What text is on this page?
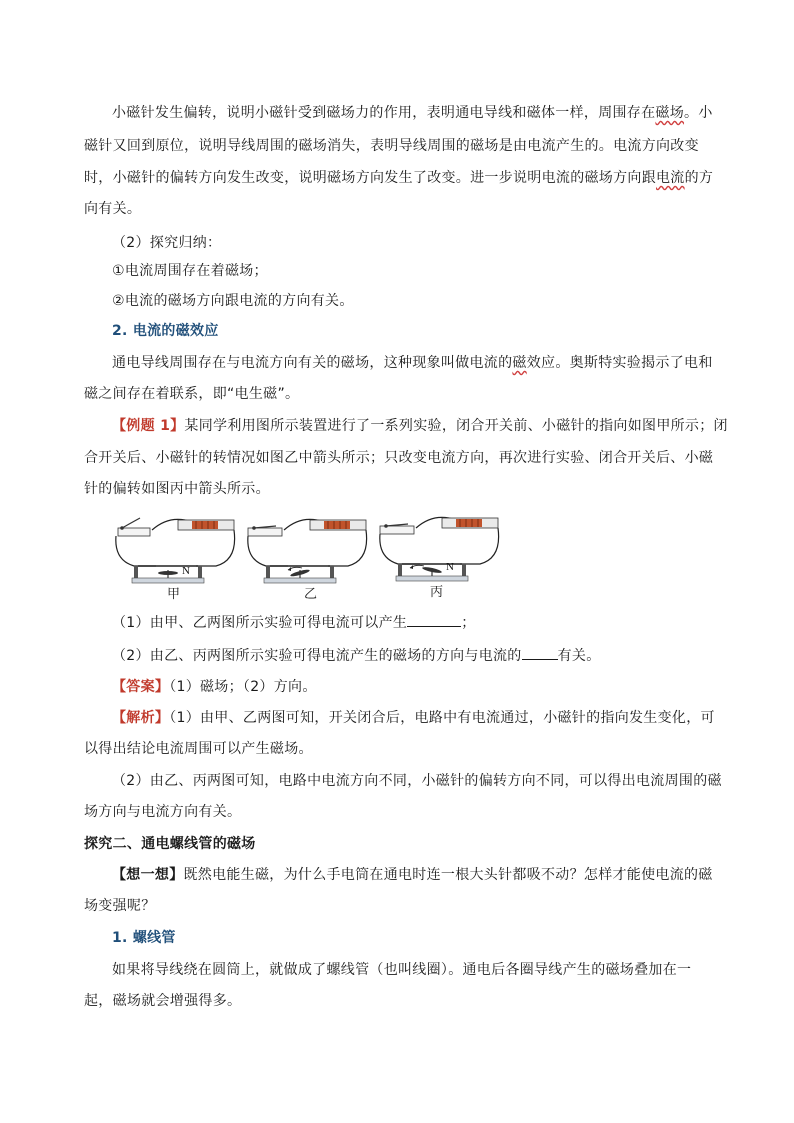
小磁针发生偏转，说明小磁针受到磁场力的作用，表明通电导线和磁体一样，周围存在磁场。小
磁针又回到原位，说明导线周围的磁场消失，表明导线周围的磁场是由电流产生的。电流方向改变
时，小磁针的偏转方向发生改变，说明磁场方向发生了改变。进一步说明电流的磁场方向跟电流的方
向有关。
（2）探究归纳：
①电流周围存在着磁场；
②电流的磁场方向跟电流的方向有关。
2. 电流的磁效应
通电导线周围存在与电流方向有关的磁场，这种现象叫做电流的磁效应。奥斯特实验揭示了电和
磁之间存在着联系，即“电生磁”。
【例题 1】某同学利用图所示装置进行了一系列实验，闭合开关前、小磁针的指向如图甲所示；闭
合开关后、小磁针的转情况如图乙中箭头所示；只改变电流方向，再次进行实验、闭合开关后、小磁
针的偏转如图丙中箭头所示。
N
甲	乙
N
丙
（1）由甲、乙两图所示实验可得电流可以产生	；
（2）由乙、丙两图所示实验可得电流产生的磁场的方向与电流的	有关。
【答案】（1）磁场；（2）方向。
【解析】（1）由甲、乙两图可知，开关闭合后，电路中有电流通过，小磁针的指向发生变化，可
以得出结论电流周围可以产生磁场。
（2）由乙、丙两图可知，电路中电流方向不同，小磁针的偏转方向不同，可以得出电流周围的磁
场方向与电流方向有关。
探究二、通电螺线管的磁场
【想一想】既然电能生磁，为什么手电筒在通电时连一根大头针都吸不动？怎样才能使电流的磁
场变强呢？
1. 螺线管
如果将导线绕在圆筒上，就做成了螺线管（也叫线圈）。通电后各圈导线产生的磁场叠加在一
起，磁场就会增强得多。
